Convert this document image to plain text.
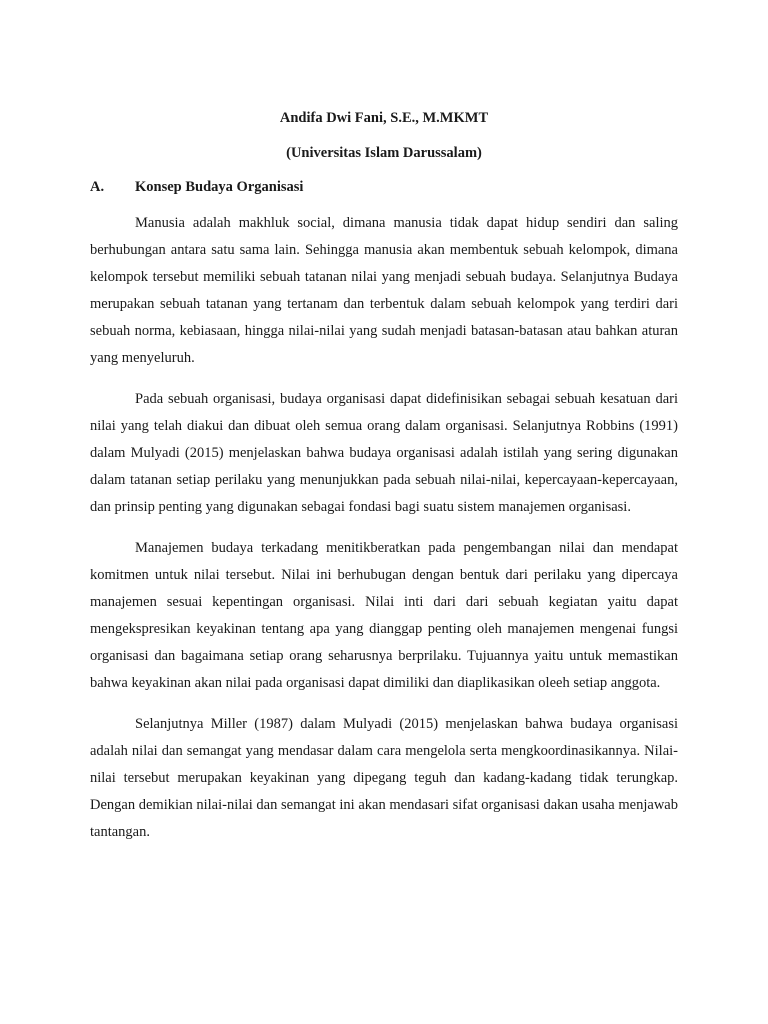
Andifa Dwi Fani, S.E., M.MKMT
(Universitas Islam Darussalam)
A. Konsep Budaya Organisasi

Manusia adalah makhluk social, dimana manusia tidak dapat hidup sendiri dan saling berhubungan antara satu sama lain. Sehingga manusia akan membentuk sebuah kelompok, dimana kelompok tersebut memiliki sebuah tatanan nilai yang menjadi sebuah budaya. Selanjutnya Budaya merupakan sebuah tatanan yang tertanam dan terbentuk dalam sebuah kelompok yang terdiri dari sebuah norma, kebiasaan, hingga nilai-nilai yang sudah menjadi batasan-batasan atau bahkan aturan yang menyeluruh.

Pada sebuah organisasi, budaya organisasi dapat didefinisikan sebagai sebuah kesatuan dari nilai yang telah diakui dan dibuat oleh semua orang dalam organisasi. Selanjutnya Robbins (1991) dalam Mulyadi (2015) menjelaskan bahwa budaya organisasi adalah istilah yang sering digunakan dalam tatanan setiap perilaku yang menunjukkan pada sebuah nilai-nilai, kepercayaan-kepercayaan, dan prinsip penting yang digunakan sebagai fondasi bagi suatu sistem manajemen organisasi.

Manajemen budaya terkadang menitikberatkan pada pengembangan nilai dan mendapat komitmen untuk nilai tersebut. Nilai ini berhubugan dengan bentuk dari perilaku yang dipercaya manajemen sesuai kepentingan organisasi. Nilai inti dari dari sebuah kegiatan yaitu dapat mengekspresikan keyakinan tentang apa yang dianggap penting oleh manajemen mengenai fungsi organisasi dan bagaimana setiap orang seharusnya berprilaku. Tujuannya yaitu untuk memastikan bahwa keyakinan akan nilai pada organisasi dapat dimiliki dan diaplikasikan oleeh setiap anggota.

Selanjutnya Miller (1987) dalam Mulyadi (2015) menjelaskan bahwa budaya organisasi adalah nilai dan semangat yang mendasar dalam cara mengelola serta mengkoordinasikannya. Nilai-nilai tersebut merupakan keyakinan yang dipegang teguh dan kadang-kadang tidak terungkap. Dengan demikian nilai-nilai dan semangat ini akan mendasari sifat organisasi dakan usaha menjawab tantangan.
